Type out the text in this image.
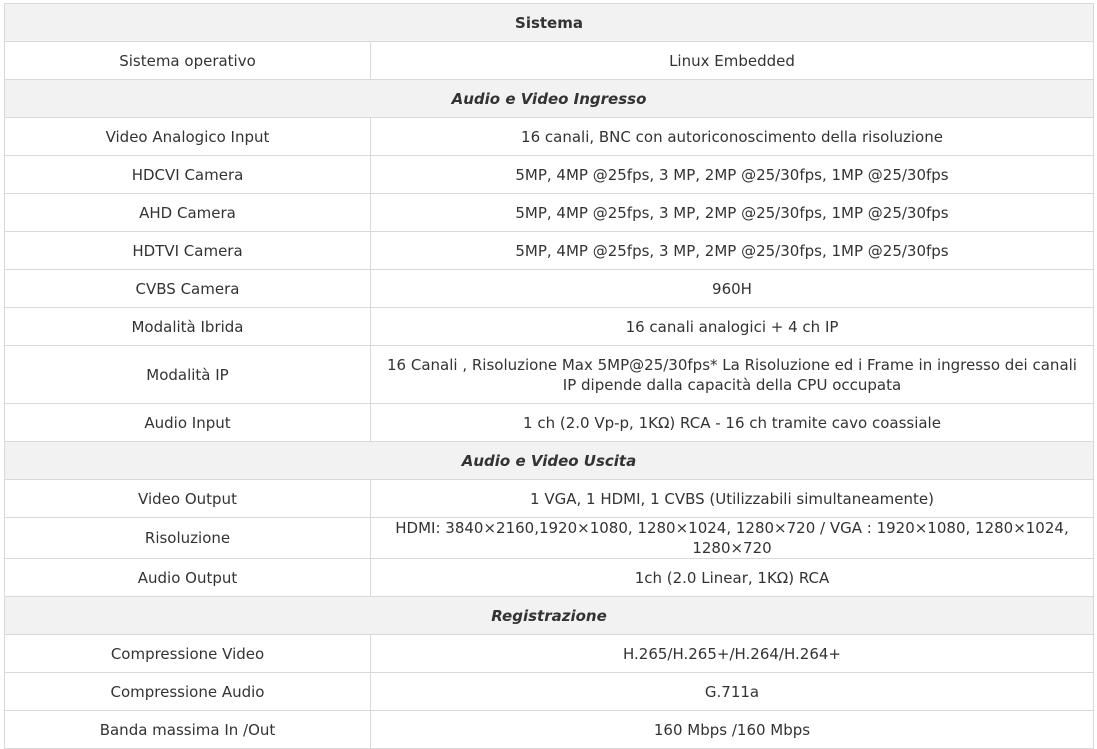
Sistema	
Sistema operativo	Linux Embedded
Audio e Video Ingresso	
Video Analogico Input	16 canali, BNC con autoriconoscimento della risoluzione
HDCVI Camera	5MP, 4MP @25fps, 3 MP, 2MP @25/30fps, 1MP @25/30fps
AHD Camera	5MP, 4MP @25fps, 3 MP, 2MP @25/30fps, 1MP @25/30fps
HDTVI Camera	5MP, 4MP @25fps, 3 MP, 2MP @25/30fps, 1MP @25/30fps
CVBS Camera	960H
Modalità Ibrida	16 canali analogici + 4 ch IP
Modalità IP	16 Canali , Risoluzione Max 5MP@25/30fps* La Risoluzione ed i Frame in ingresso dei canali IP dipende dalla capacità della CPU occupata
Audio Input	1 ch (2.0 Vp-p, 1KΩ) RCA - 16 ch tramite cavo coassiale
Audio e Video Uscita	
Video Output	1 VGA, 1 HDMI, 1 CVBS (Utilizzabili simultaneamente)
Risoluzione	HDMI: 3840×2160,1920×1080, 1280×1024, 1280×720 / VGA : 1920×1080, 1280×1024, 1280×720
Audio Output	1ch (2.0 Linear, 1KΩ) RCA
Registrazione	
Compressione Video	H.265/H.265+/H.264/H.264+
Compressione Audio	G.711a
Banda massima In /Out	160 Mbps /160 Mbps
